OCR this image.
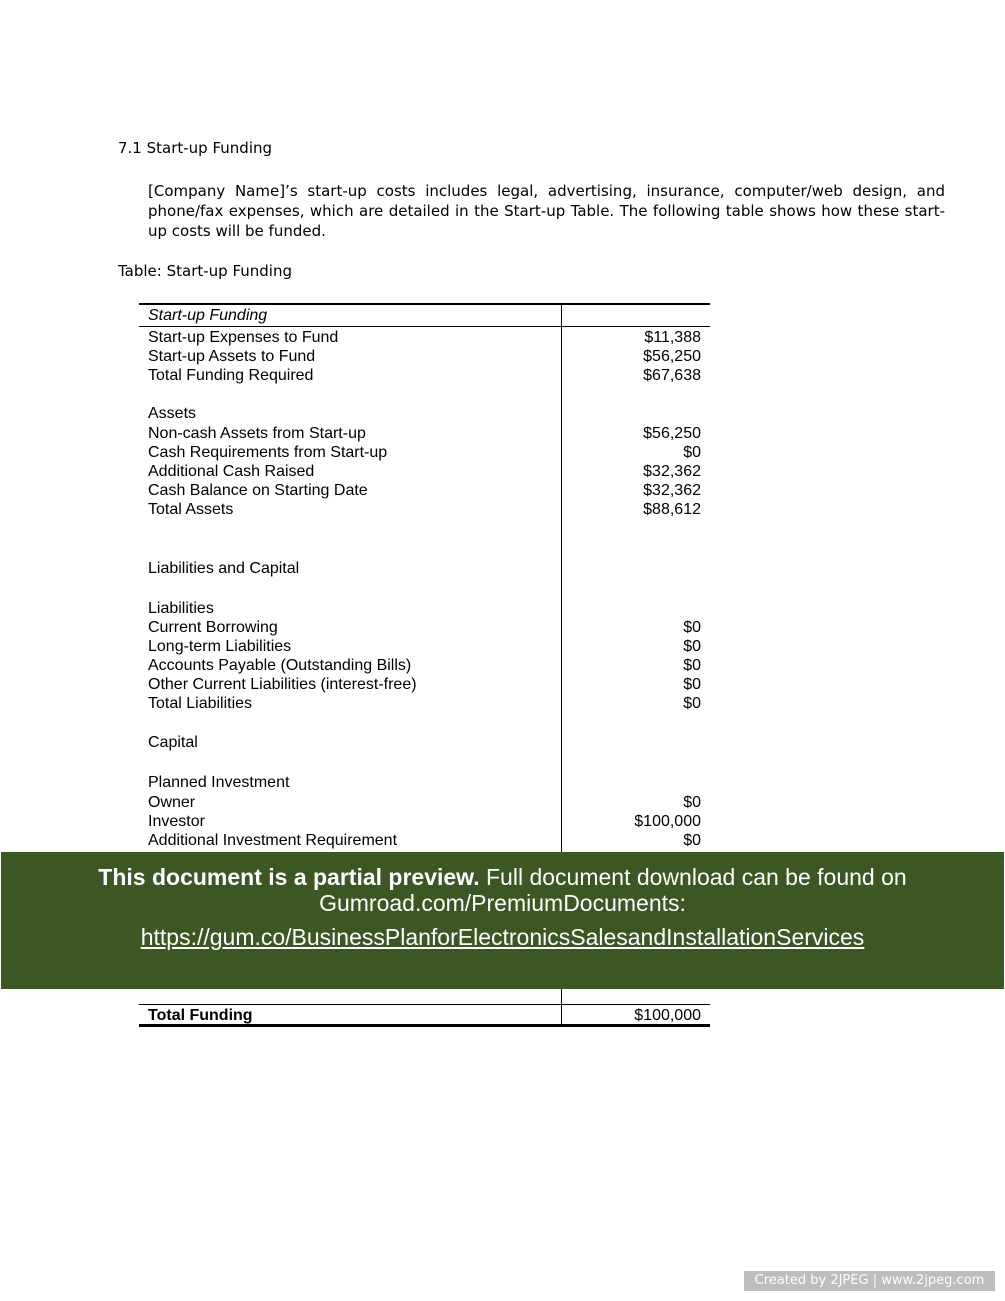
7.1 Start-up Funding
[Company Name]’s start-up costs includes legal, advertising, insurance, computer/web design, and phone/fax expenses, which are detailed in the Start-up Table. The following table shows how these start-up costs will be funded.
Table: Start-up Funding
Start-up Funding
Start-up Expenses to Fund	$11,388
Start-up Assets to Fund	$56,250
Total Funding Required	$67,638
Assets
Non-cash Assets from Start-up	$56,250
Cash Requirements from Start-up	$0
Additional Cash Raised	$32,362
Cash Balance on Starting Date	$32,362
Total Assets	$88,612
Liabilities and Capital
Liabilities
Current Borrowing	$0
Long-term Liabilities	$0
Accounts Payable (Outstanding Bills)	$0
Other Current Liabilities (interest-free)	$0
Total Liabilities	$0
Capital
Planned Investment
Owner	$0
Investor	$100,000
Additional Investment Requirement	$0
Total Funding	$100,000
This document is a partial preview. Full document download can be found on
Gumroad.com/PremiumDocuments:
https://gum.co/BusinessPlanforElectronicsSalesandInstallationServices
Created by 2JPEG | www.2jpeg.com
